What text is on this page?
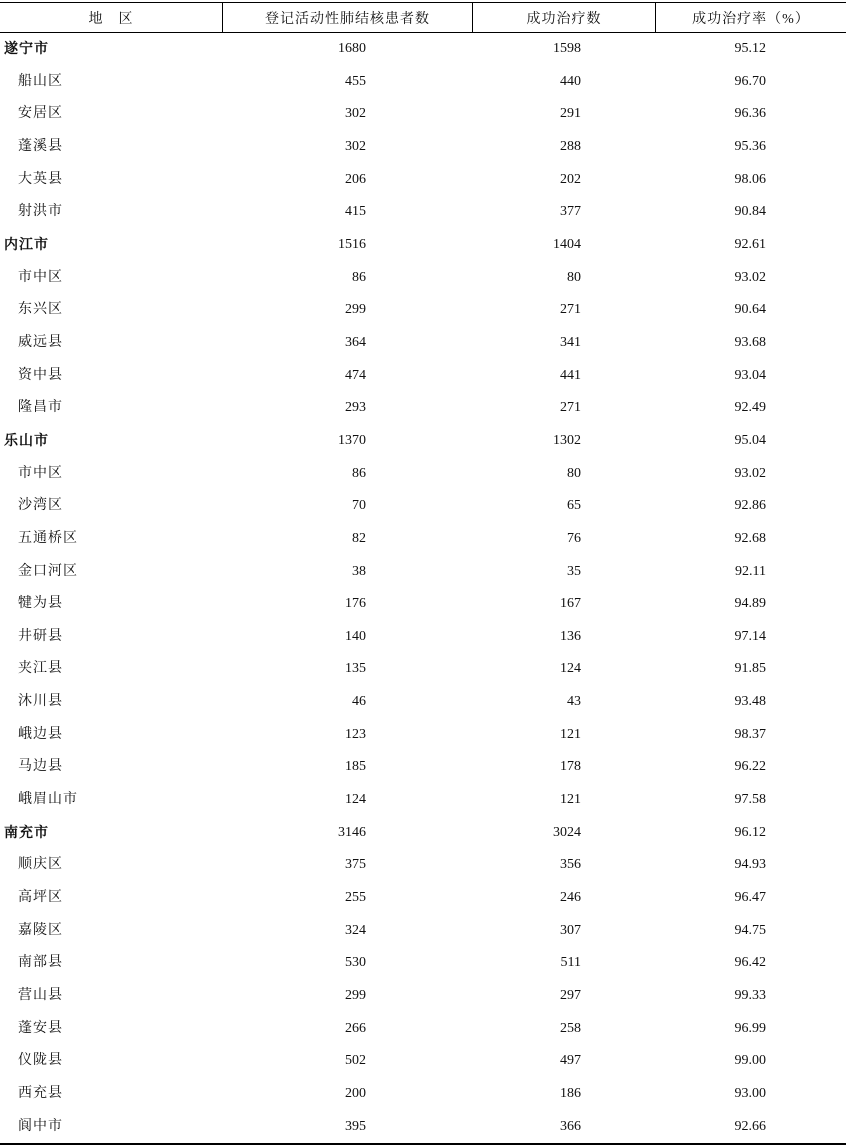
地　区	登记活动性肺结核患者数	成功治疗数	成功治疗率（%）
遂宁市	1680	1598	95.12
船山区	455	440	96.70
安居区	302	291	96.36
蓬溪县	302	288	95.36
大英县	206	202	98.06
射洪市	415	377	90.84
内江市	1516	1404	92.61
市中区	86	80	93.02
东兴区	299	271	90.64
威远县	364	341	93.68
资中县	474	441	93.04
隆昌市	293	271	92.49
乐山市	1370	1302	95.04
市中区	86	80	93.02
沙湾区	70	65	92.86
五通桥区	82	76	92.68
金口河区	38	35	92.11
犍为县	176	167	94.89
井研县	140	136	97.14
夹江县	135	124	91.85
沐川县	46	43	93.48
峨边县	123	121	98.37
马边县	185	178	96.22
峨眉山市	124	121	97.58
南充市	3146	3024	96.12
顺庆区	375	356	94.93
高坪区	255	246	96.47
嘉陵区	324	307	94.75
南部县	530	511	96.42
营山县	299	297	99.33
蓬安县	266	258	96.99
仪陇县	502	497	99.00
西充县	200	186	93.00
阆中市	395	366	92.66
